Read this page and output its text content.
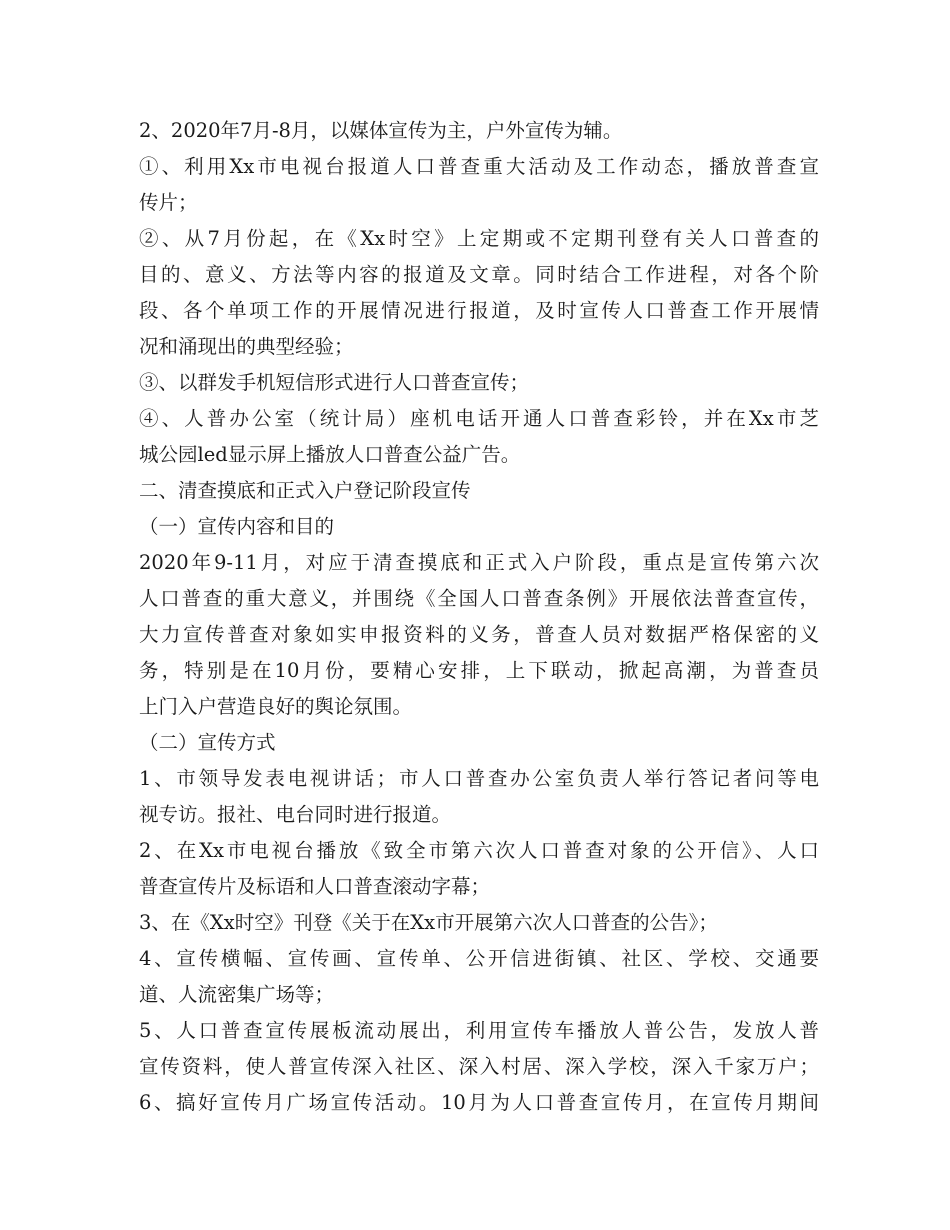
2、2020年7月-8月，以媒体宣传为主，户外宣传为辅。
①、利用Xx市电视台报道人口普查重大活动及工作动态，播放普查宣
传片；
②、从7月份起，在《Xx时空》上定期或不定期刊登有关人口普查的
目的、意义、方法等内容的报道及文章。同时结合工作进程，对各个阶
段、各个单项工作的开展情况进行报道，及时宣传人口普查工作开展情
况和涌现出的典型经验；
③、以群发手机短信形式进行人口普查宣传；
④、人普办公室（统计局）座机电话开通人口普查彩铃，并在Xx市芝
城公园led显示屏上播放人口普查公益广告。
二、清查摸底和正式入户登记阶段宣传
（一）宣传内容和目的
2020年9-11月，对应于清查摸底和正式入户阶段，重点是宣传第六次
人口普查的重大意义，并围绕《全国人口普查条例》开展依法普查宣传，
大力宣传普查对象如实申报资料的义务，普查人员对数据严格保密的义
务，特别是在10月份，要精心安排，上下联动，掀起高潮，为普查员
上门入户营造良好的舆论氛围。
（二）宣传方式
1、市领导发表电视讲话；市人口普查办公室负责人举行答记者问等电
视专访。报社、电台同时进行报道。
2、在Xx市电视台播放《致全市第六次人口普查对象的公开信》、人口
普查宣传片及标语和人口普查滚动字幕；
3、在《Xx时空》刊登《关于在Xx市开展第六次人口普查的公告》；
4、宣传横幅、宣传画、宣传单、公开信进街镇、社区、学校、交通要
道、人流密集广场等；
5、人口普查宣传展板流动展出，利用宣传车播放人普公告，发放人普
宣传资料，使人普宣传深入社区、深入村居、深入学校，深入千家万户；
6、搞好宣传月广场宣传活动。10月为人口普查宣传月，在宣传月期间
